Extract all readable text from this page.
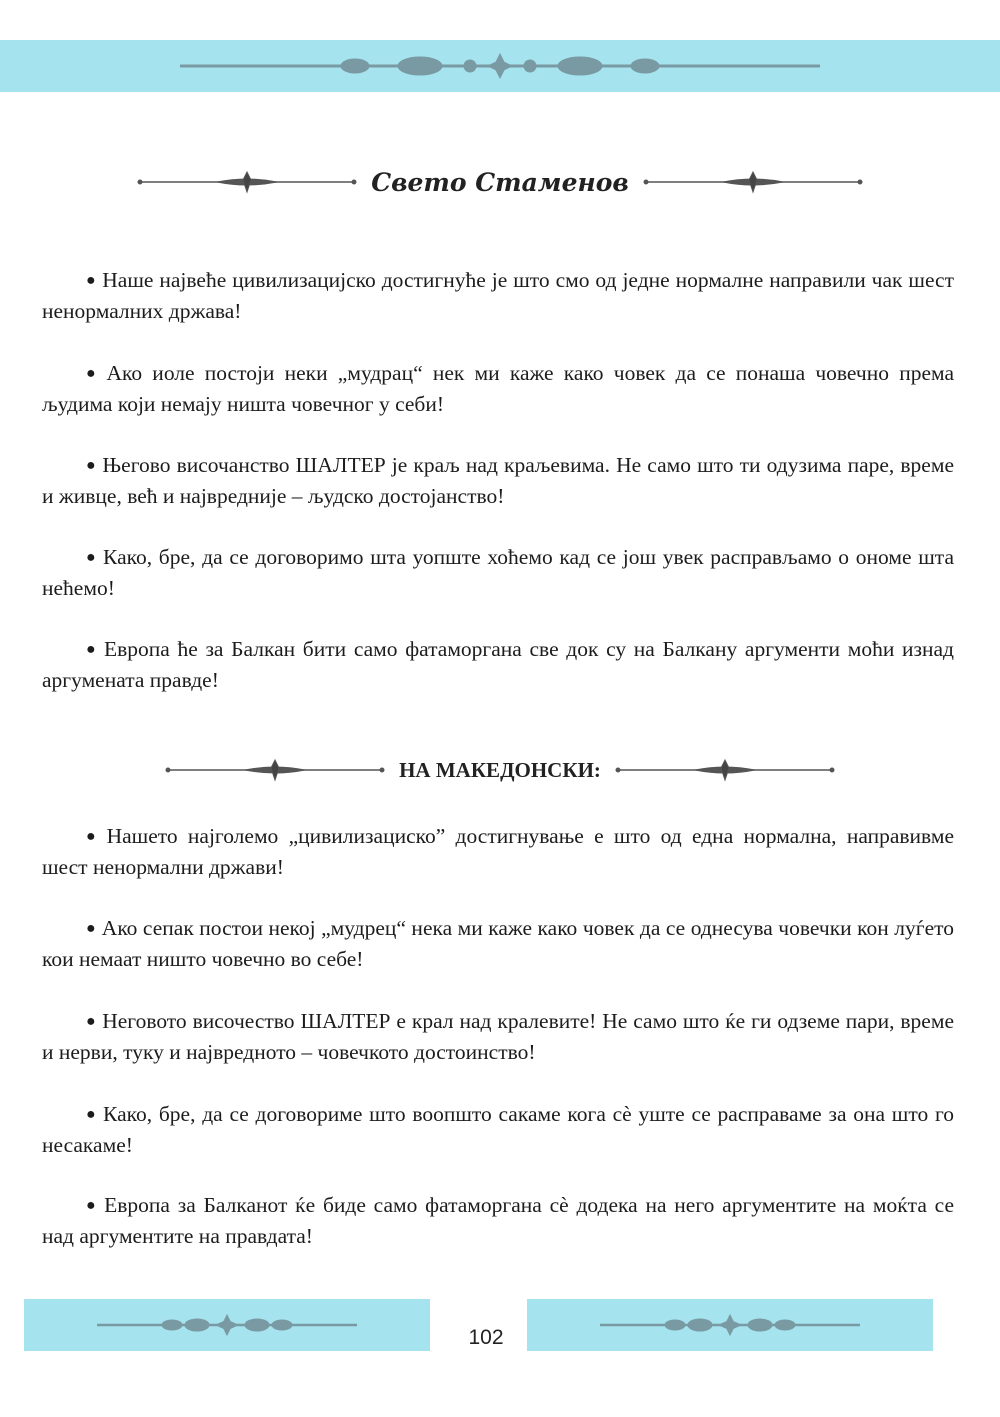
Свето Стаменов

● Наше највеће цивилизацијско достигнуће је што смо од једне нормалне направили чак шест ненормалних држава!

● Ако иоле постоји неки „мудрац“ нек ми каже како човек да се понаша човечно према људима који немају ништа човечног у себи!

● Његово височанство ШАЛТЕР је краљ над краљевима. Не само што ти одузима паре, време и живце, већ и највредније – људско достојанство!

● Како, бре, да се договоримо шта уопште хоћемо кад се још увек расправљамо о ономе шта нећемо!

● Европа ће за Балкан бити само фатаморгана све док су на Балкану аргументи моћи изнад аргумената правде!

НА МАКЕДОНСКИ:

● Нашето најголемо „цивилизациско” достигнување е што од една нормална, направивме шест ненормални држави!

● Ако сепак постои некој „мудрец“ нека ми каже како човек да се однесува човечки кон луѓето кои немаат ништо човечно во себе!

● Неговото височество ШАЛТЕР е крал над кралевите! Не само што ќе ги одземе пари, време и нерви, туку и највредното – човечкото достоинство!

● Како, бре, да се договориме што воопшто сакаме кога сè уште се расправаме за она што го несакаме!

● Европа за Балканот ќе биде само фатаморгана сè додека на него аргументите на моќта се над аргументите на правдата!

102
